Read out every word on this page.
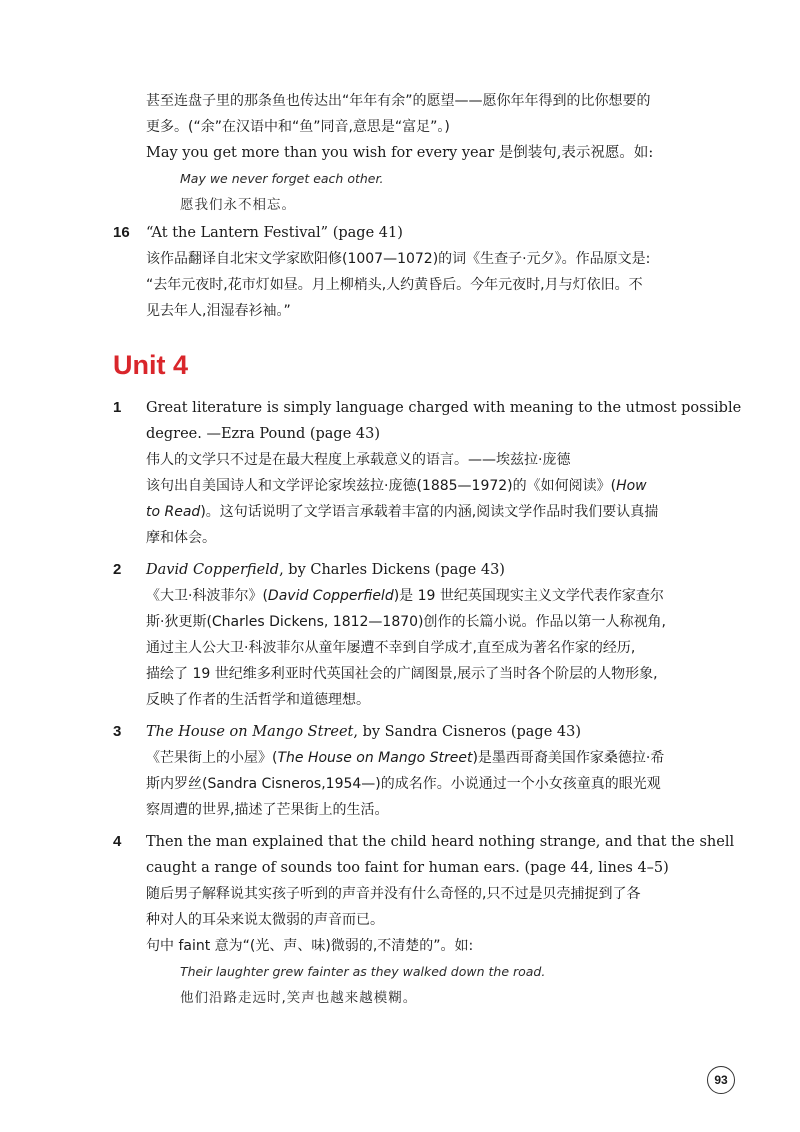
甚至连盘子里的那条鱼也传达出“年年有余”的愿望——愿你年年得到的比你想要的
更多。(“余”在汉语中和“鱼”同音,意思是“富足”。)
May you get more than you wish for every year 是倒装句,表示祝愿。如:
May we never forget each other.
愿我们永不相忘。
16 “At the Lantern Festival” (page 41)
该作品翻译自北宋文学家欧阳修(1007—1072)的词《生查子·元夕》。作品原文是:
“去年元夜时,花市灯如昼。月上柳梢头,人约黄昏后。今年元夜时,月与灯依旧。不
见去年人,泪湿春衫袖。”
Unit 4
1 Great literature is simply language charged with meaning to the utmost possible
degree. —Ezra Pound (page 43)
伟人的文学只不过是在最大程度上承载意义的语言。——埃兹拉·庞德
该句出自美国诗人和文学评论家埃兹拉·庞德(1885—1972)的《如何阅读》(How
to Read)。这句话说明了文学语言承载着丰富的内涵,阅读文学作品时我们要认真揣
摩和体会。
2 David Copperfield, by Charles Dickens (page 43)
《大卫·科波菲尔》(David Copperfield)是 19 世纪英国现实主义文学代表作家查尔
斯·狄更斯(Charles Dickens, 1812—1870)创作的长篇小说。作品以第一人称视角,
通过主人公大卫·科波菲尔从童年屡遭不幸到自学成才,直至成为著名作家的经历,
描绘了 19 世纪维多利亚时代英国社会的广阔图景,展示了当时各个阶层的人物形象,
反映了作者的生活哲学和道德理想。
3 The House on Mango Street, by Sandra Cisneros (page 43)
《芒果街上的小屋》(The House on Mango Street)是墨西哥裔美国作家桑德拉·希
斯内罗丝(Sandra Cisneros,1954—)的成名作。小说通过一个小女孩童真的眼光观
察周遭的世界,描述了芒果街上的生活。
4 Then the man explained that the child heard nothing strange, and that the shell
caught a range of sounds too faint for human ears. (page 44, lines 4–5)
随后男子解释说其实孩子听到的声音并没有什么奇怪的,只不过是贝壳捕捉到了各
种对人的耳朵来说太微弱的声音而已。
句中 faint 意为“(光、声、味)微弱的,不清楚的”。如:
Their laughter grew fainter as they walked down the road.
他们沿路走远时,笑声也越来越模糊。
93
